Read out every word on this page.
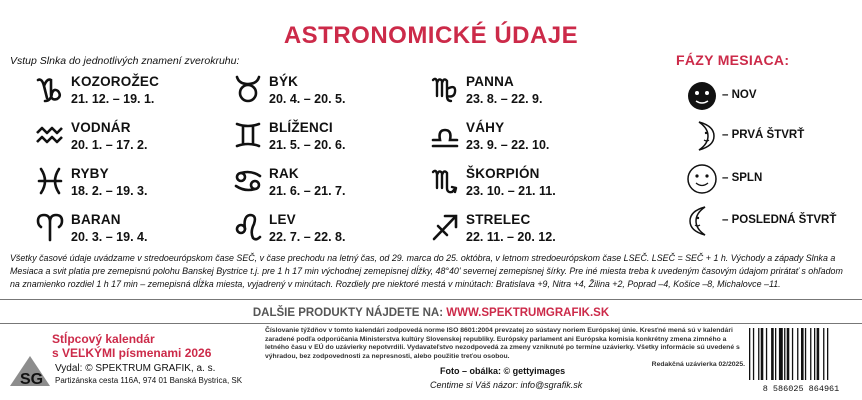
ASTRONOMICKÉ ÚDAJE
Vstup Slnka do jednotlivých znamení zverokruhu:
KOZOROŽEC
21. 12. – 19. 1.
VODNÁR
20. 1. – 17. 2.
RYBY
18. 2. – 19. 3.
BARAN
20. 3. – 19. 4.
BÝK
20. 4. – 20. 5.
BLÍŽENCI
21. 5. – 20. 6.
RAK
21. 6. – 21. 7.
LEV
22. 7. – 22. 8.
PANNA
23. 8. – 22. 9.
VÁHY
23. 9. – 22. 10.
ŠKORPIÓN
23. 10. – 21. 11.
STRELEC
22. 11. – 20. 12.
FÁZY MESIACA:
– NOV
– PRVÁ ŠTVRŤ
– SPLN
– POSLEDNÁ ŠTVRŤ
Všetky časové údaje uvádzame v stredoeurópskom čase SEČ, v čase prechodu na letný čas, od 29. marca do 25. októbra, v letnom stredoeurópskom čase LSEČ. LSEČ = SEČ + 1 h. Východy a západy Slnka a Mesiaca a svit platia pre zemepisnú polohu Banskej Bystrice t.j. pre 1 h 17 min východnej zemepisnej dĺžky, 48°40' severnej zemepisnej šírky. Pre iné miesta treba k uvedeným časovým údajom prirátať s ohľadom na znamienko rozdiel 1 h 17 min – zemepisná dĺžka miesta, vyjadrený v minútach. Rozdiely pre niektoré mestá v minútach: Bratislava +9, Nitra +4, Žilina +2, Poprad –4, Košice –8, Michalovce –11.
DALŠIE PRODUKTY NÁJDETE NA: WWW.SPEKTRUMGRAFIK.SK
SG
Stĺpcový kalendár
s VEĽKÝMI písmenami 2026
Vydal: © SPEKTRUM GRAFIK, a. s.
Partizánska cesta 116A, 974 01 Banská Bystrica, SK
Číslovanie týždňov v tomto kalendári zodpovedá norme ISO 8601:2004 prevzatej zo sústavy noriem Európskej únie. Kresťné mená sú v kalendári zaradené podľa odporúčania Ministerstva kultúry Slovenskej republiky. Európsky parlament ani Európska komisia konkrétny zmena zimného a letného času v EÚ do uzávierky nepotvrdili. Vydavateľstvo nezodpovedá za zmeny vzniknuté po termíne uzávierky. Všetky informácie sú uvedené s výhradou, bez zodpovednosti za nepresnosti, alebo použitie treťou osobou.
Redakčná uzávierka 02/2025.
Foto – obálka: © gettyimages
Centime si Váš názor: info@sgrafik.sk	8 586025 864961
